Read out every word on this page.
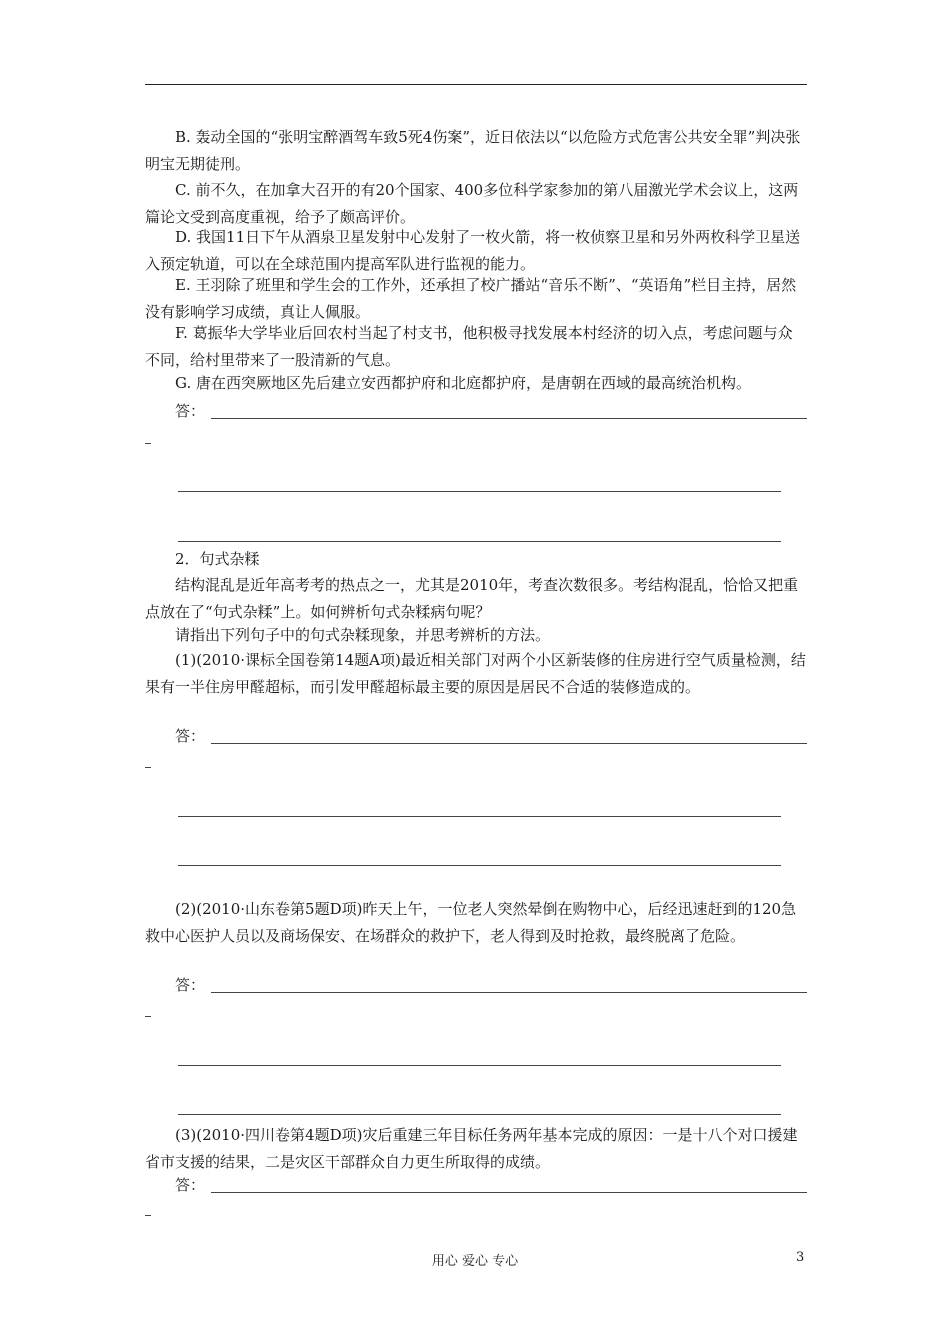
B. 轰动全国的“张明宝醉酒驾车致5死4伤案”，近日依法以“以危险方式危害公共安全罪”判决张明宝无期徒刑。

C. 前不久，在加拿大召开的有20个国家、400多位科学家参加的第八届激光学术会议上，这两篇论文受到高度重视，给予了颇高评价。

D. 我国11日下午从酒泉卫星发射中心发射了一枚火箭，将一枚侦察卫星和另外两枚科学卫星送入预定轨道，可以在全球范围内提高军队进行监视的能力。

E. 王羽除了班里和学生会的工作外，还承担了校广播站“音乐不断”、“英语角”栏目主持，居然没有影响学习成绩，真让人佩服。

F. 葛振华大学毕业后回农村当起了村支书，他积极寻找发展本村经济的切入点，考虑问题与众不同，给村里带来了一股清新的气息。

G. 唐在西突厥地区先后建立安西都护府和北庭都护府，是唐朝在西域的最高统治机构。

答：
2．句式杂糅

结构混乱是近年高考考的热点之一，尤其是2010年，考查次数很多。考结构混乱，恰恰又把重点放在了“句式杂糅”上。如何辨析句式杂糅病句呢？

请指出下列句子中的句式杂糅现象，并思考辨析的方法。

(1)(2010·课标全国卷第14题A项)最近相关部门对两个小区新装修的住房进行空气质量检测，结果有一半住房甲醛超标，而引发甲醛超标最主要的原因是居民不合适的装修造成的。

答：

(2)(2010·山东卷第5题D项)昨天上午，一位老人突然晕倒在购物中心，后经迅速赶到的120急救中心医护人员以及商场保安、在场群众的救护下，老人得到及时抢救，最终脱离了危险。

答：

(3)(2010·四川卷第4题D项)灾后重建三年目标任务两年基本完成的原因：一是十八个对口援建省市支援的结果，二是灾区干部群众自力更生所取得的成绩。

答：
用心 爱心 专心	3
